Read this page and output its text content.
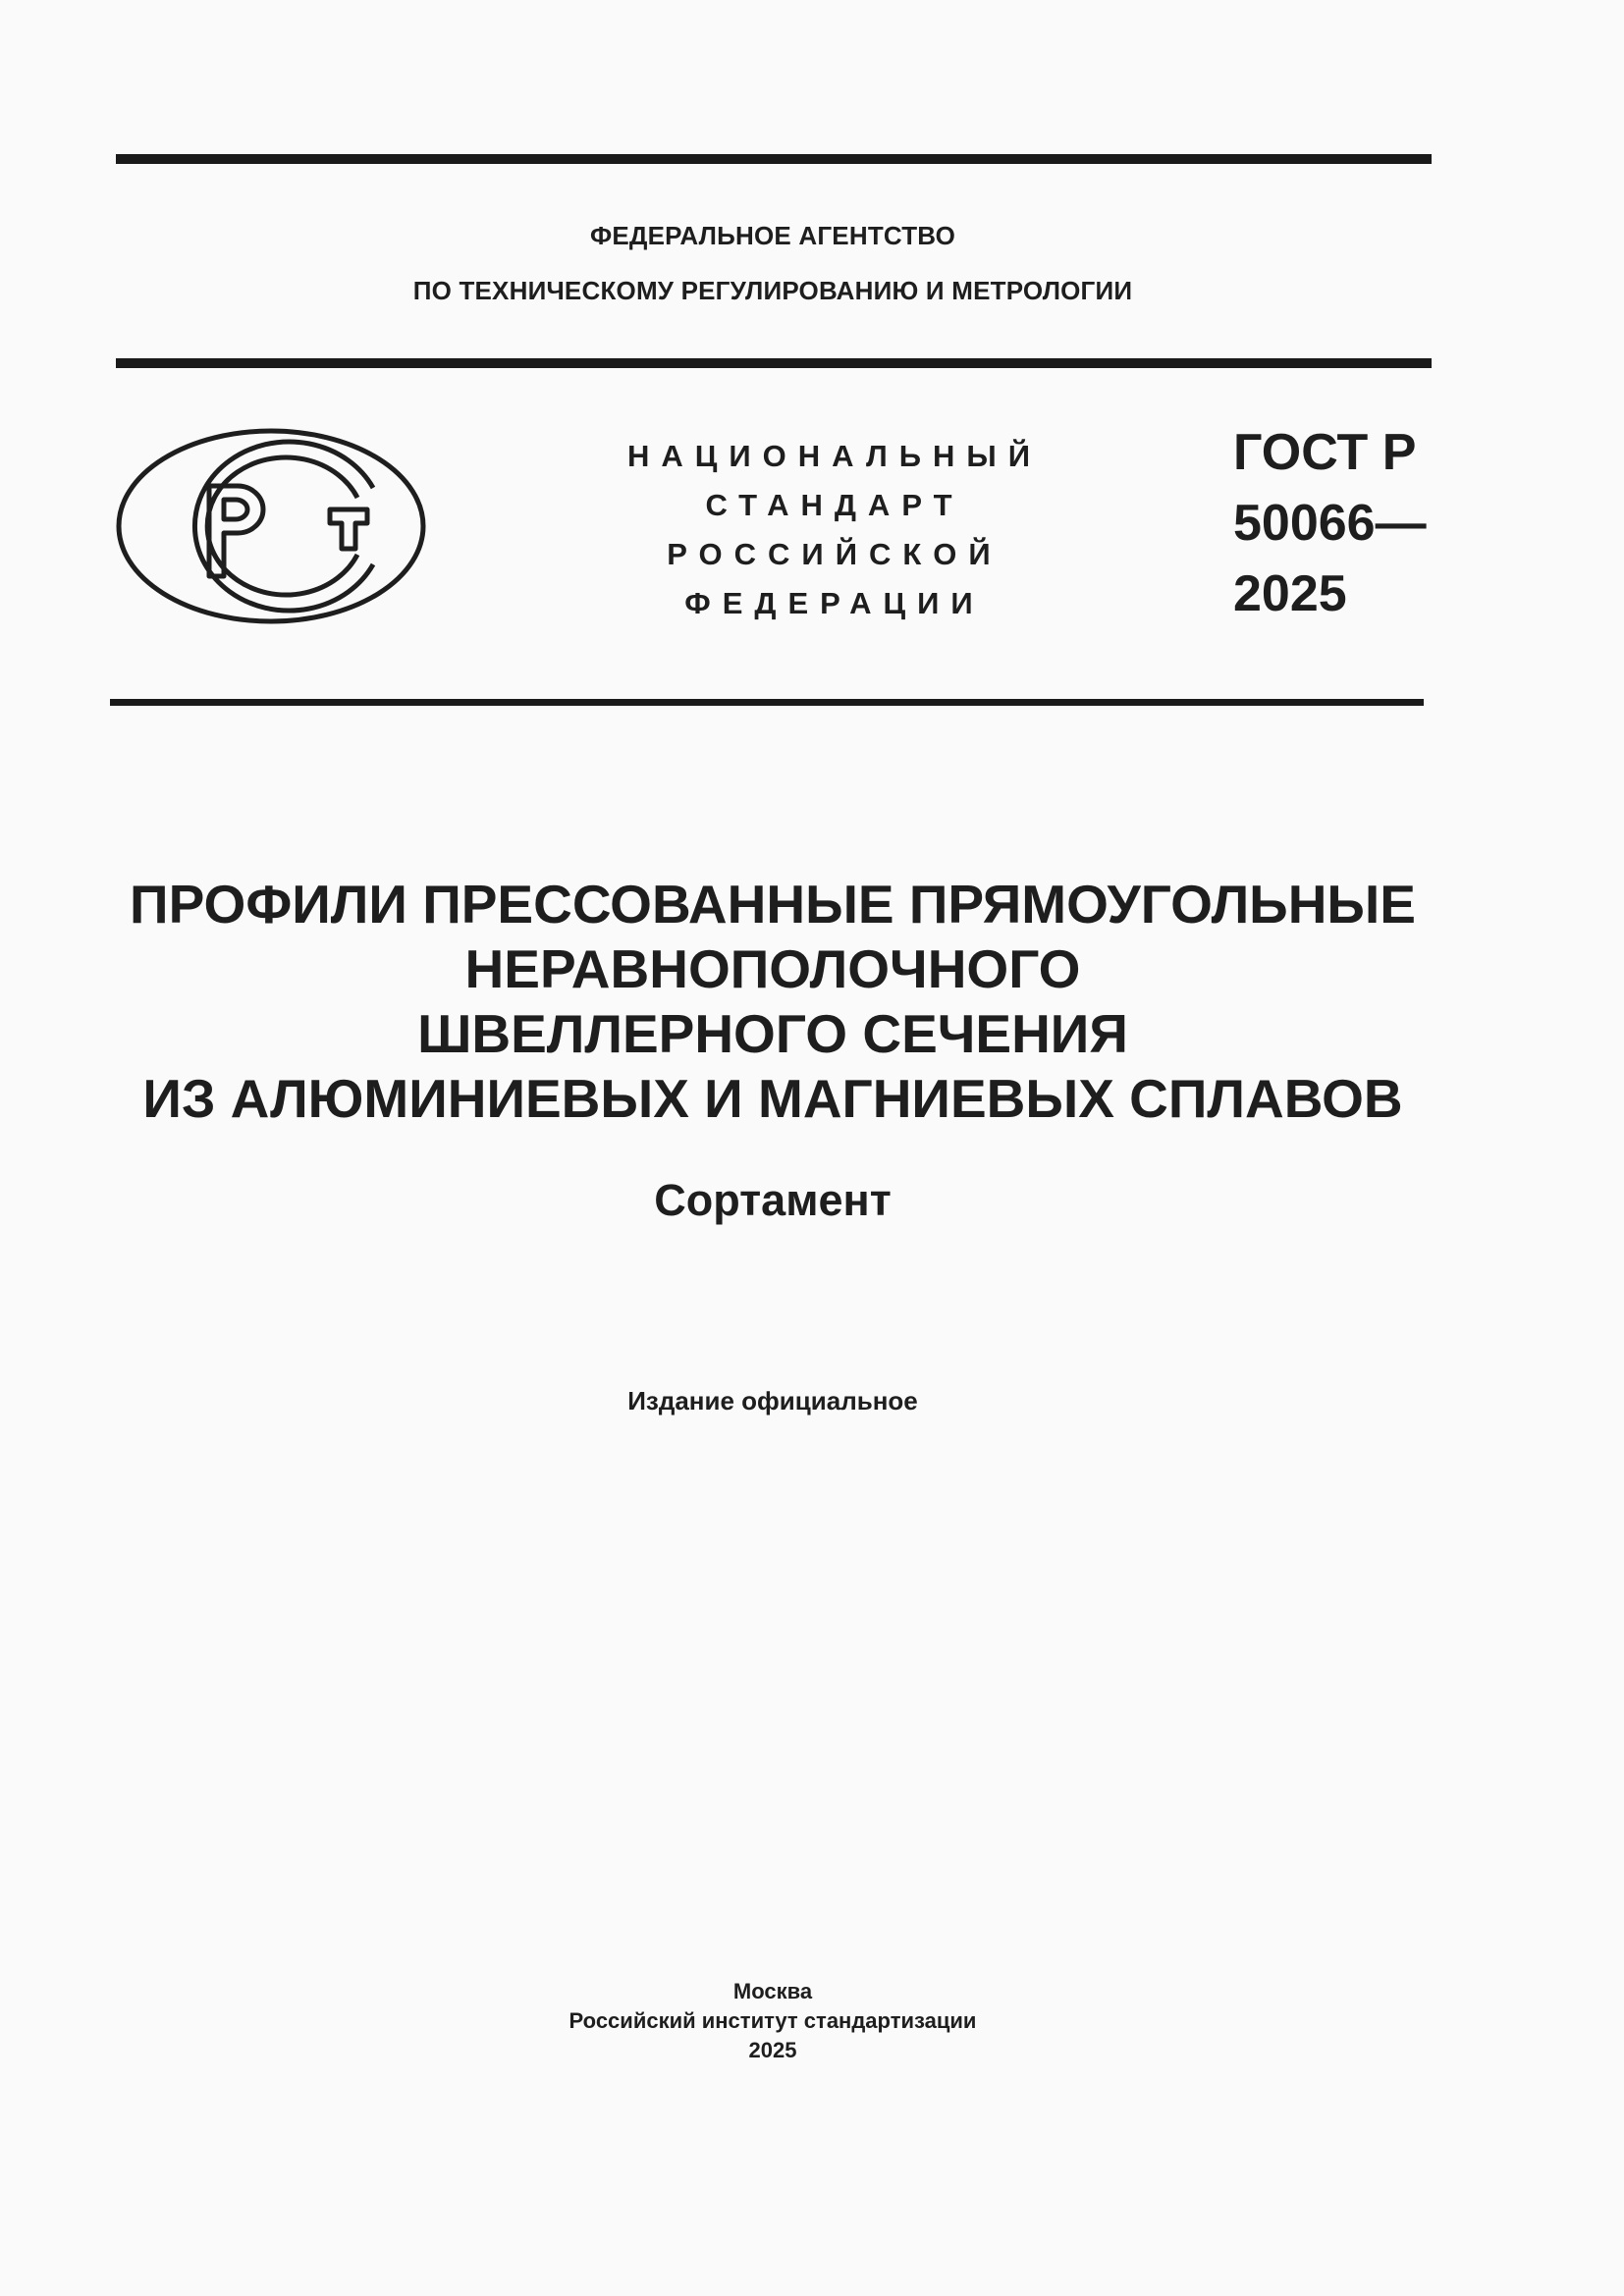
ФЕДЕРАЛЬНОЕ АГЕНТСТВО
ПО ТЕХНИЧЕСКОМУ РЕГУЛИРОВАНИЮ И МЕТРОЛОГИИ
НАЦИОНАЛЬНЫЙ
СТАНДАРТ
РОССИЙСКОЙ
ФЕДЕРАЦИИ
ГОСТ Р
50066—
2025
ПРОФИЛИ ПРЕССОВАННЫЕ ПРЯМОУГОЛЬНЫЕ
НЕРАВНОПОЛОЧНОГО
ШВЕЛЛЕРНОГО СЕЧЕНИЯ
ИЗ АЛЮМИНИЕВЫХ И МАГНИЕВЫХ СПЛАВОВ
Сортамент
Издание официальное
Москва
Российский институт стандартизации
2025
